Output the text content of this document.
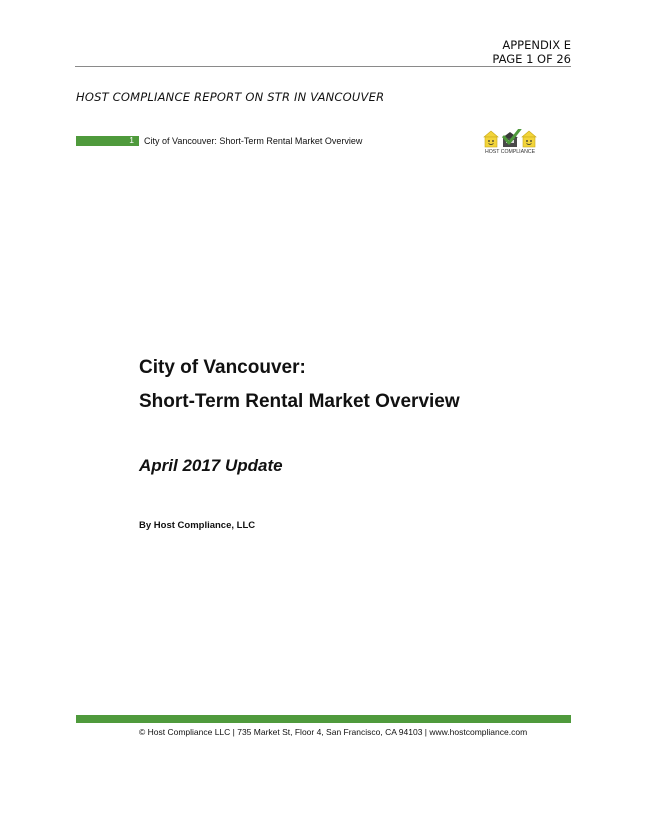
APPENDIX E
PAGE 1 OF 26
HOST COMPLIANCE REPORT ON STR IN VANCOUVER
1 City of Vancouver: Short-Term Rental Market Overview
HOST COMPLIANCE
City of Vancouver:
Short-Term Rental Market Overview
April 2017 Update
By Host Compliance, LLC
© Host Compliance LLC | 735 Market St, Floor 4, San Francisco, CA 94103 | www.hostcompliance.com
